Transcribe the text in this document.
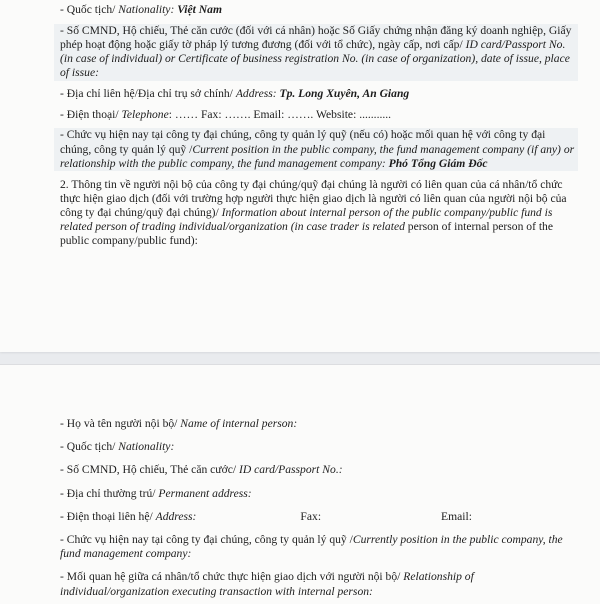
- Quốc tịch/ Nationality: Việt Nam
- Số CMND, Hộ chiếu, Thẻ căn cước (đối với cá nhân) hoặc Số Giấy chứng nhận đăng ký doanh nghiệp, Giấy phép hoạt động hoặc giấy tờ pháp lý tương đương (đối với tổ chức), ngày cấp, nơi cấp/ ID card/Passport No. (in case of individual) or Certificate of business registration No. (in case of organization), date of issue, place of issue:
- Địa chỉ liên hệ/Địa chỉ trụ sở chính/ Address: Tp. Long Xuyên, An Giang
- Điện thoại/ Telephone: …… Fax: ……. Email: ……. Website: ...........
- Chức vụ hiện nay tại công ty đại chúng, công ty quản lý quỹ (nếu có) hoặc mối quan hệ với công ty đại chúng, công ty quản lý quỹ /Current position in the public company, the fund management company (if any) or relationship with the public company, the fund management company: Phó Tổng Giám Đốc
2. Thông tin về người nội bộ của công ty đại chúng/quỹ đại chúng là người có liên quan của cá nhân/tổ chức thực hiện giao dịch (đối với trường hợp người thực hiện giao dịch là người có liên quan của người nội bộ của công ty đại chúng/quỹ đại chúng)/ Information about internal person of the public company/public fund is related person of trading individual/organization (in case trader is related person of internal person of the public company/public fund):
- Họ và tên người nội bộ/ Name of internal person:
- Quốc tịch/ Nationality:
- Số CMND, Hộ chiếu, Thẻ căn cước/ ID card/Passport No.:
- Địa chỉ thường trú/ Permanent address:
- Điện thoại liên hệ/ Address:	Fax:	Email:
- Chức vụ hiện nay tại công ty đại chúng, công ty quản lý quỹ /Currently position in the public company, the fund management company:
- Mối quan hệ giữa cá nhân/tổ chức thực hiện giao dịch với người nội bộ/ Relationship of individual/organization executing transaction with internal person:
